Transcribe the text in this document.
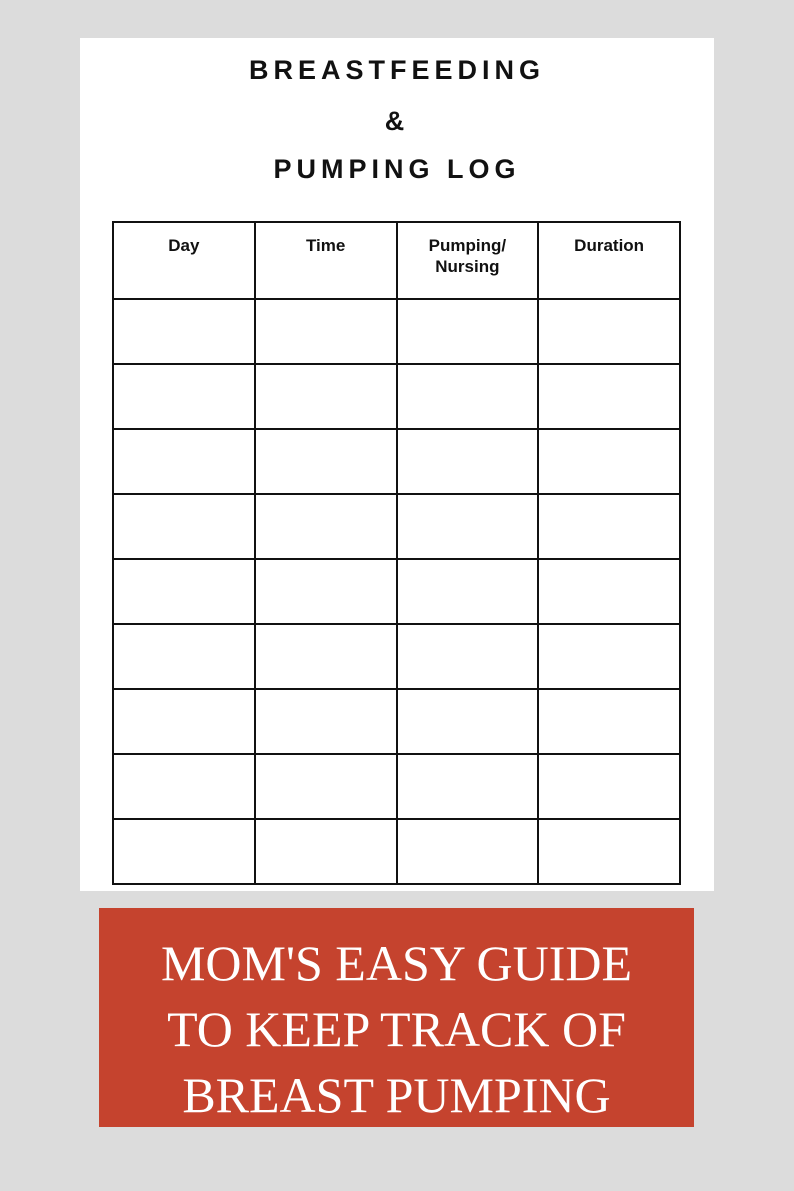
BREASTFEEDING
&
PUMPING LOG
Day	Time	Pumping/ Nursing	Duration

MOM'S EASY GUIDE
TO KEEP TRACK OF
BREAST PUMPING
